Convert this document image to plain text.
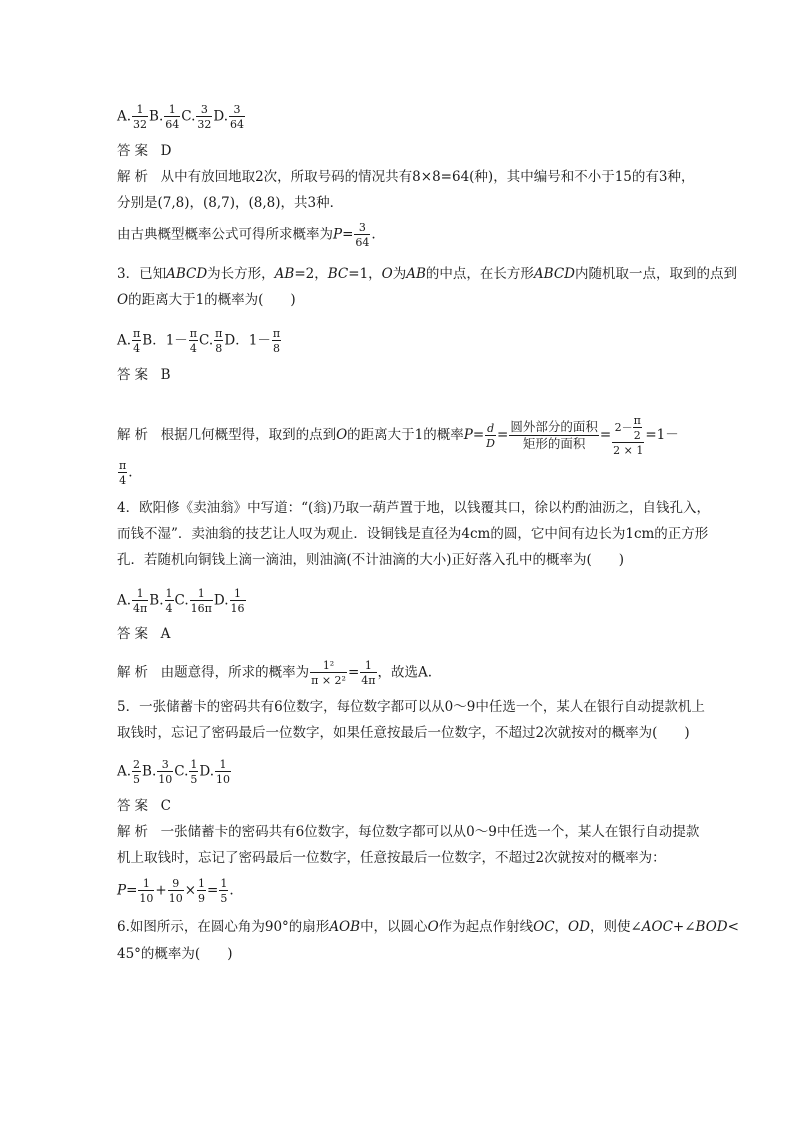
A. $\frac{1}{32} B$. $\frac{1}{64} C$. $\frac{3}{32} D$. $\frac{3}{64}$
答案 D
解析 从中有放回地取2次，所取号码的情况共有8×8=64(种)，其中编号和不小于15的有3种，
分别是(7,8)，(8,7)，(8,8)，共3种．
由古典概型概率公式可得所求概率为$P= \frac{3}{64}$ .
3．已知ABCD为长方形，AB=2，BC=1，O为AB的中点，在长方形ABCD内随机取一点，取到的点到
O的距离大于1的概率为(　　)
A. $\frac{\pi}{4}$ B．$1- \frac{\pi}{4} C$. $\frac{\pi}{8}$ D．$1- \frac{\pi}{8}$
答案 B
解析 根据几何概型得，取到的点到O的距离大于1的概率$P= \frac{d}{D}$ =
圆外部分的面积
矩形的面积	= $\frac{2- \frac{\pi}{2}}{2 \times 1} =1-$
$\frac{\pi}{4}$ .
4．欧阳修《卖油翁》中写道：“(翁)乃取一葫芦置于地，以钱覆其口，徐以杓酌油沥之，自钱孔入，
而钱不湿”．卖油翁的技艺让人叹为观止．设铜钱是直径为4cm的圆，它中间有边长为1cm的正方形
孔．若随机向铜钱上滴一滴油，则油滴(不计油滴的大小)正好落入孔中的概率为(　　)
A. $\frac{1}{4\pi} B$. $\frac{1}{4} C$. $\frac{1}{16\pi} D$. $\frac{1}{16}$
答案 A
解析 由题意得，所求的概率为 $\frac{\text{1²}}{\text{π × 2²}} = \frac{1}{4\pi}$ ，故选A.
5．一张储蓄卡的密码共有6位数字，每位数字都可以从0～9中任选一个，某人在银行自动提款机上
取钱时，忘记了密码最后一位数字，如果任意按最后一位数字，不超过2次就按对的概率为(　　)
A. $\frac{2}{5} B$. $\frac{3}{10} C$. $\frac{1}{5} D$. $\frac{1}{10}$
答案 C
解析 一张储蓄卡的密码共有6位数字，每位数字都可以从0～9中任选一个，某人在银行自动提款
机上取钱时，忘记了密码最后一位数字，任意按最后一位数字，不超过2次就按对的概率为：
$P= \frac{1}{10} + \frac{9}{10} \times \frac{1}{9} = \frac{1}{5}$ .
6.如图所示，在圆心角为90°的扇形AOB中，以圆心O作为起点作射线OC，OD，则使∠AOC+∠BOD<
45°的概率为(　　)
